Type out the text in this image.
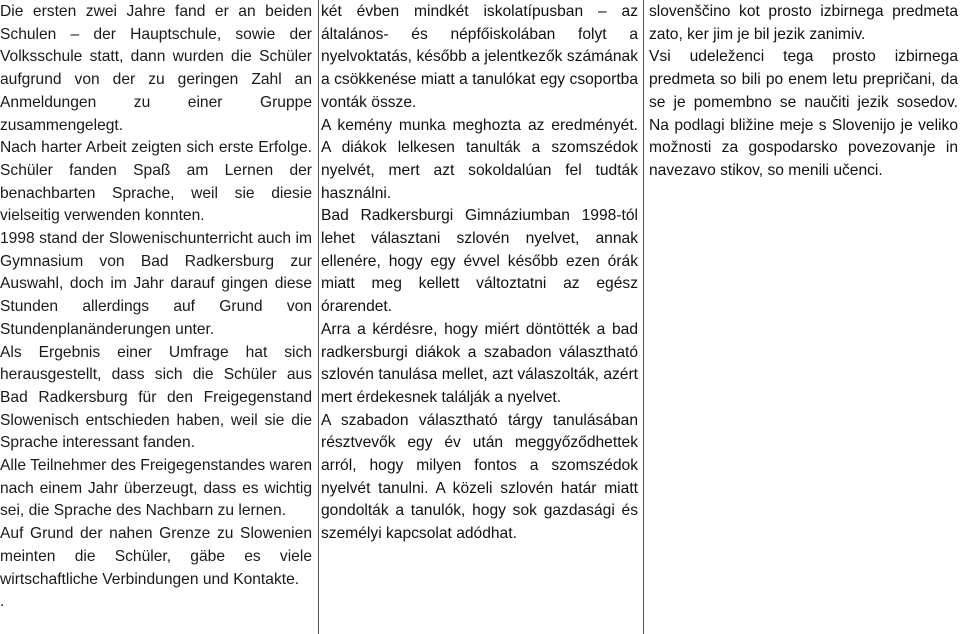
Die ersten zwei Jahre fand er an beiden Schulen – der Hauptschule, sowie der Volksschule statt, dann wurden die Schüler aufgrund von der zu geringen Zahl an Anmeldungen zu einer Gruppe zusammengelegt.

Nach harter Arbeit zeigten sich erste Erfolge. Schüler fanden Spaß am Lernen der benachbarten Sprache, weil sie diesie vielseitig verwenden konnten.

1998 stand der Slowenischunterricht auch im Gymnasium von Bad Radkersburg zur Auswahl, doch im Jahr darauf gingen diese Stunden allerdings auf Grund von Stundenplanänderungen unter.

Als Ergebnis einer Umfrage hat sich herausgestellt, dass sich die Schüler aus Bad Radkersburg für den Freigegenstand Slowenisch entschieden haben, weil sie die Sprache interessant fanden.

Alle Teilnehmer des Freigegenstandes waren nach einem Jahr überzeugt, dass es wichtig sei, die Sprache des Nachbarn zu lernen.

Auf Grund der nahen Grenze zu Slowenien meinten die Schüler, gäbe es viele wirtschaftliche Verbindungen und Kontakte.

.

két évben mindkét iskolatípusban – az általános- és népfőiskolában folyt a nyelvoktatás, később a jelentkezők számának a csökkenése miatt a tanulókat egy csoportba vonták össze.

A kemény munka meghozta az eredményét. A diákok lelkesen tanulták a szomszédok nyelvét, mert azt sokoldalúan fel tudták használni.

Bad Radkersburgi Gimnáziumban 1998-tól lehet választani szlovén nyelvet, annak ellenére, hogy egy évvel később ezen órák miatt meg kellett változtatni az egész órarendet.

Arra a kérdésre, hogy miért döntötték a bad radkersburgi diákok a szabadon választható szlovén tanulása mellet, azt válaszolták, azért mert érdekesnek találják a nyelvet.

A szabadon választható tárgy tanulásában résztvevők egy év után meggyőződhettek arról, hogy milyen fontos a szomszédok nyelvét tanulni. A közeli szlovén határ miatt gondolták a tanulók, hogy sok gazdasági és személyi kapcsolat adódhat.

slovenščino kot prosto izbirnega predmeta zato, ker jim je bil jezik zanimiv.

Vsi udeleženci tega prosto izbirnega predmeta so bili po enem letu prepričani, da se je pomembno se naučiti jezik sosedov. Na podlagi bližine meje s Slovenijo je veliko možnosti za gospodarsko povezovanje in navezavo stikov, so menili učenci.
